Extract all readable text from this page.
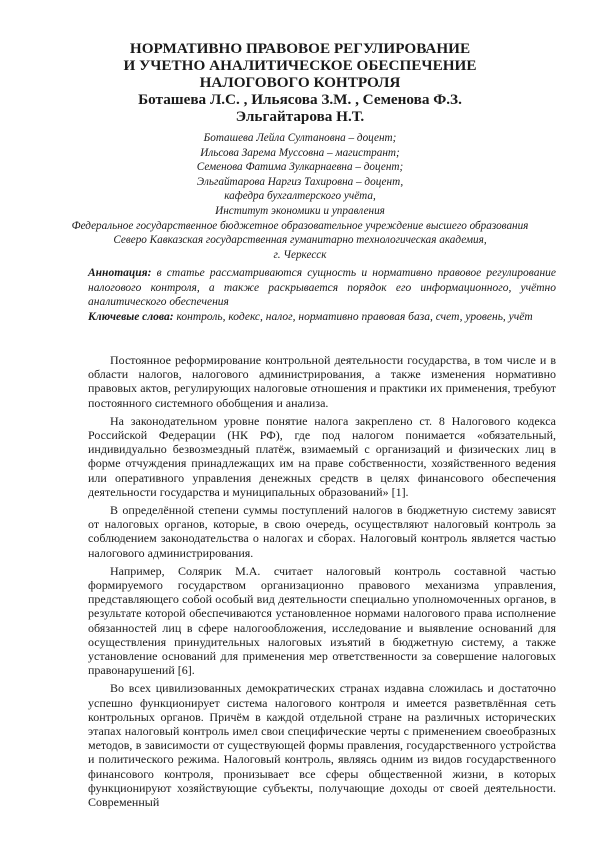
НОРМАТИВНО ПРАВОВОЕ РЕГУЛИРОВАНИЕ
И УЧЕТНО АНАЛИТИЧЕСКОЕ ОБЕСПЕЧЕНИЕ
НАЛОГОВОГО КОНТРОЛЯ
Боташева Л.С. , Ильясова З.М. , Семенова Ф.З.
Эльгайтарова Н.Т.
Боташева Лейла Султановна – доцент;
Ильсова Зарема Муссовна – магистрант;
Семенова Фатима Зулкарнаевна – доцент;
Эльгайтарова Наргиз Тахировна – доцент,
кафедра бухгалтерского учёта,
Институт экономики и управления
Федеральное государственное бюджетное образовательное учреждение высшего образования
Северо Кавказская государственная гуманитарно технологическая академия,
г. Черкесск
Аннотация: в статье рассматриваются сущность и нормативно правовое регулирование налогового контроля, а также раскрывается порядок его информационного, учётно аналитического обеспечения
Ключевые слова: контроль, кодекс, налог, нормативно правовая база, счет, уровень, учёт

Постоянное реформирование контрольной деятельности государства, в том числе и в области налогов, налогового администрирования, а также изменения нормативно правовых актов, регулирующих налоговые отношения и практики их применения, требуют постоянного системного обобщения и анализа.

На законодательном уровне понятие налога закреплено ст. 8 Налогового кодекса Российской Федерации (НК РФ), где под налогом понимается «обязательный, индивидуально безвозмездный платёж, взимаемый с организаций и физических лиц в форме отчуждения принадлежащих им на праве собственности, хозяйственного ведения или оперативного управления денежных средств в целях финансового обеспечения деятельности государства и муниципальных образований» [1].

В определённой степени суммы поступлений налогов в бюджетную систему зависят от налоговых органов, которые, в свою очередь, осуществляют налоговый контроль за соблюдением законодательства о налогах и сборах. Налоговый контроль является частью налогового администрирования.

Например, Солярик М.А. считает налоговый контроль составной частью формируемого государством организационно правового механизма управления, представляющего собой особый вид деятельности специально уполномоченных органов, в результате которой обеспечиваются установленное нормами налогового права исполнение обязанностей лиц в сфере налогообложения, исследование и выявление оснований для осуществления принудительных налоговых изъятий в бюджетную систему, а также установление оснований для применения мер ответственности за совершение налоговых правонарушений [6].

Во всех цивилизованных демократических странах издавна сложилась и достаточно успешно функционирует система налогового контроля и имеется разветвлённая сеть контрольных органов. Причём в каждой отдельной стране на различных исторических этапах налоговый контроль имел свои специфические черты с применением своеобразных методов, в зависимости от существующей формы правления, государственного устройства и политического режима. Налоговый контроль, являясь одним из видов государственного финансового контроля, пронизывает все сферы общественной жизни, в которых функционируют хозяйствующие субъекты, получающие доходы от своей деятельности. Современный
